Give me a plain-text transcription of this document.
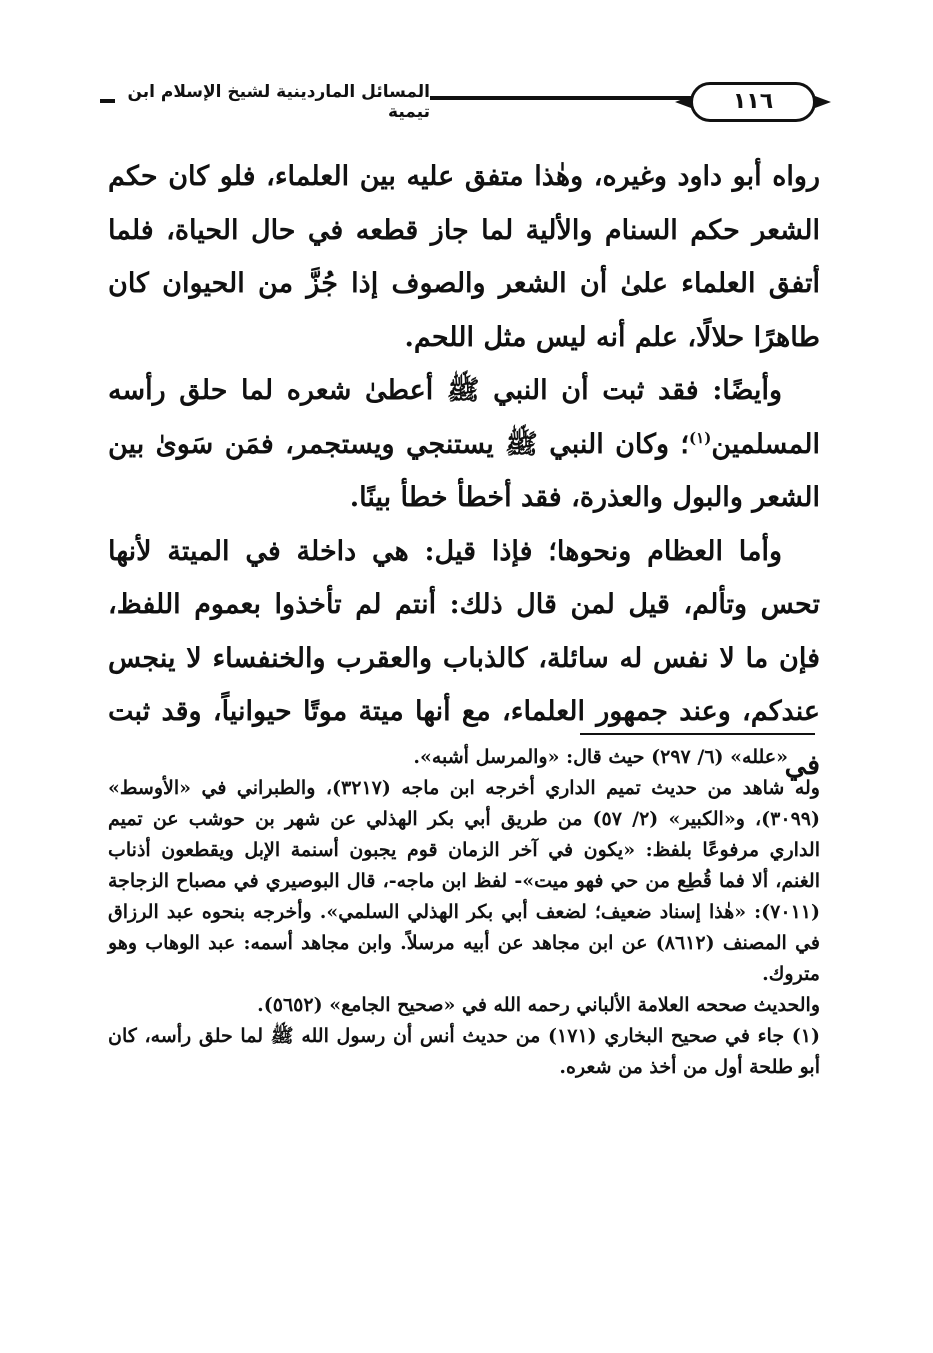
المسائل الماردينية لشيخ الإسلام ابن تيمية	١١٦

رواه أبو داود وغيره، وهٰذا متفق عليه بين العلماء، فلو كان حكم الشعر حكم السنام والألية لما جاز قطعه في حال الحياة، فلما أتفق العلماء علىٰ أن الشعر والصوف إذا جُزَّ من الحيوان كان طاهرًا حلالًا، علم أنه ليس مثل اللحم.

وأيضًا: فقد ثبت أن النبي ﷺ أعطىٰ شعره لما حلق رأسه المسلمين$^{(١)}$؛ وكان النبي ﷺ يستنجي ويستجمر، فمَن سَوىٰ بين الشعر والبول والعذرة، فقد أخطأ خطأ بينًا.

وأما العظام ونحوها؛ فإذا قيل: هي داخلة في الميتة لأنها تحس وتألم، قيل لمن قال ذلك: أنتم لم تأخذوا بعموم اللفظ، فإن ما لا نفس له سائلة، كالذباب والعقرب والخنفساء لا ينجس عندكم، وعند جمهور العلماء، مع أنها ميتة موتًا حيوانياً، وقد ثبت في

«علله» (٦/ ٢٩٧) حيث قال: «والمرسل أشبه».

وله شاهد من حديث تميم الداري أخرجه ابن ماجه (٣٢١٧)، والطبراني في «الأوسط» (٣٠٩٩)، و«الكبير» (٢/ ٥٧) من طريق أبي بكر الهذلي عن شهر بن حوشب عن تميم الداري مرفوعًا بلفظ: «يكون في آخر الزمان قوم يجبون أسنمة الإبل ويقطعون أذناب الغنم، ألا فما قُطِع من حي فهو ميت»- لفظ ابن ماجه-، قال البوصيري في مصباح الزجاجة (٧٠١١): «هٰذا إسناد ضعيف؛ لضعف أبي بكر الهذلي السلمي». وأخرجه بنحوه عبد الرزاق في المصنف (٨٦١٢) عن ابن مجاهد عن أبيه مرسلاً. وابن مجاهد أسمه: عبد الوهاب وهو متروك.

والحديث صححه العلامة الألباني رحمه الله في «صحيح الجامع» (٥٦٥٢).

(١) جاء في صحيح البخاري (١٧١) من حديث أنس أن رسول الله ﷺ لما حلق رأسه، كان أبو طلحة أول من أخذ من شعره.
